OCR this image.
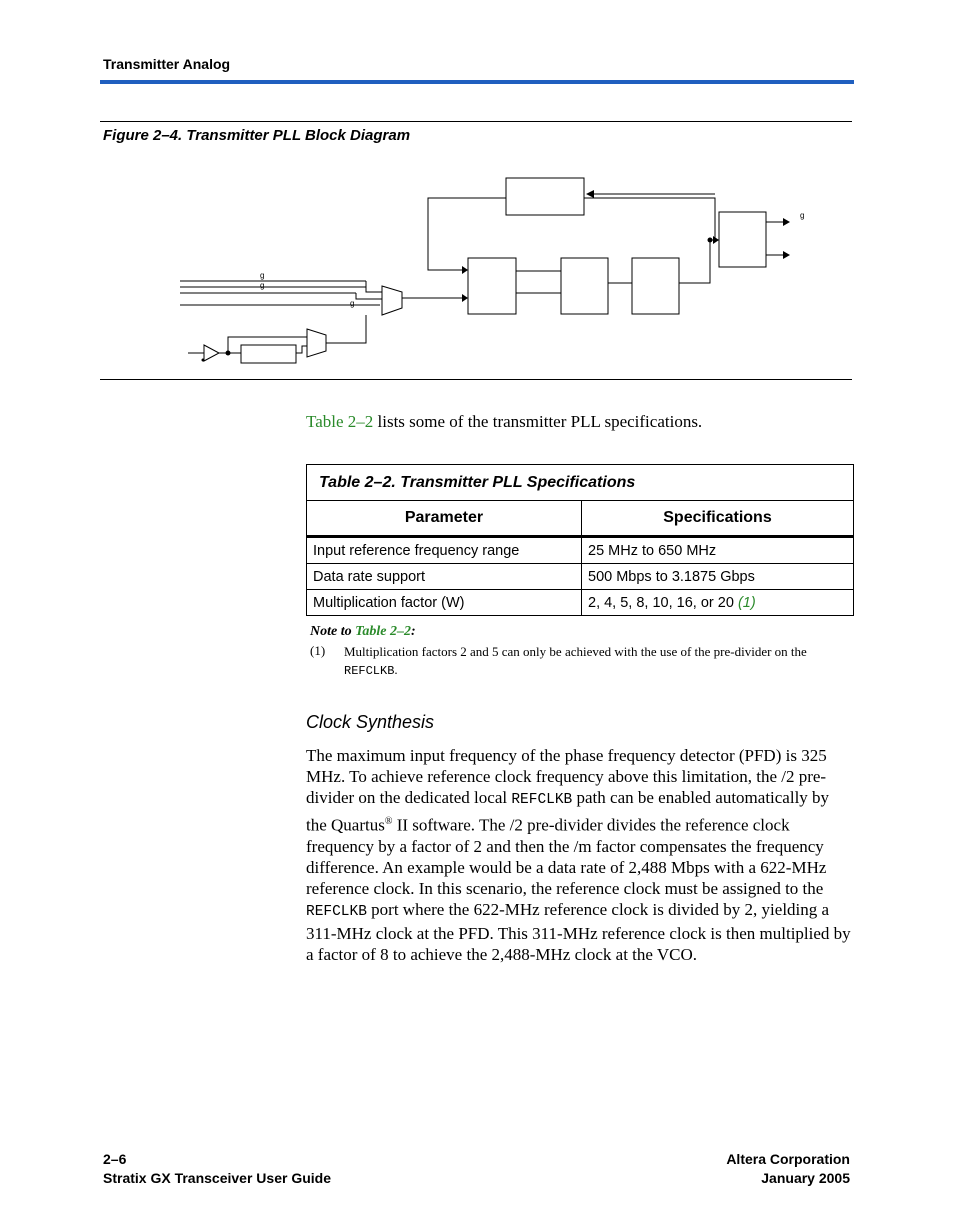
Transmitter Analog
Figure 2–4. Transmitter PLL Block Diagram
g
g
g
g
Table 2–2 lists some of the transmitter PLL specifications.
Table 2–2. Transmitter PLL Specifications	
Parameter	Specifications
Input reference frequency range	25 MHz to 650 MHz
Data rate support	500 Mbps to 3.1875 Gbps
Multiplication factor (W)	2, 4, 5, 8, 10, 16, or 20 (1)
Note to Table 2–2:
(1) Multiplication factors 2 and 5 can only be achieved with the use of the pre-divider on the REFCLKB.
Clock Synthesis
The maximum input frequency of the phase frequency detector (PFD) is 325 MHz. To achieve reference clock frequency above this limitation, the /2 pre-divider on the dedicated local REFCLKB path can be enabled automatically by the Quartus® II software. The /2 pre-divider divides the reference clock frequency by a factor of 2 and then the /m factor compensates the frequency difference. An example would be a data rate of 2,488 Mbps with a 622-MHz reference clock. In this scenario, the reference clock must be assigned to the REFCLKB port where the 622-MHz reference clock is divided by 2, yielding a 311-MHz clock at the PFD. This 311-MHz reference clock is then multiplied by a factor of 8 to achieve the 2,488-MHz clock at the VCO.
2–6
Stratix GX Transceiver User Guide
Altera Corporation
January 2005
